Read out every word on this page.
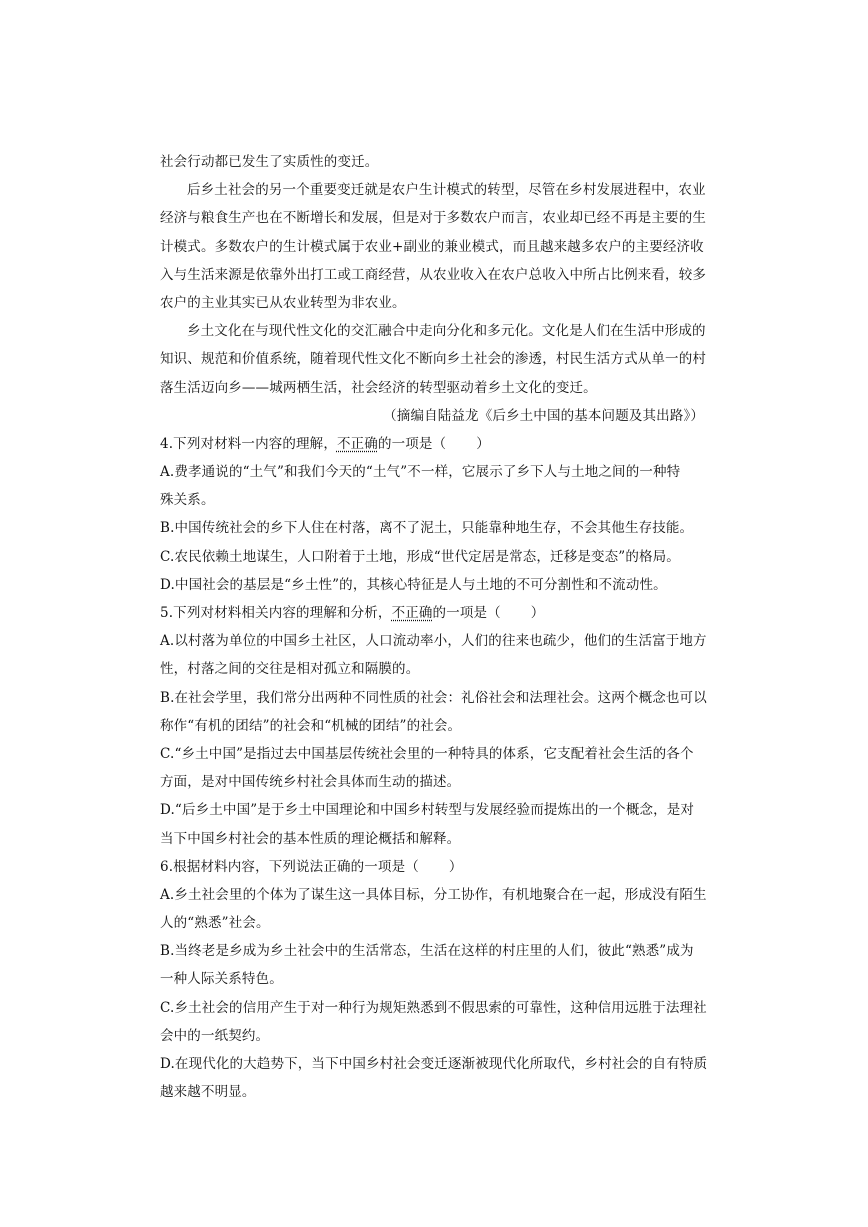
社会行动都已发生了实质性的变迁。
后乡土社会的另一个重要变迁就是农户生计模式的转型，尽管在乡村发展进程中，农业
经济与粮食生产也在不断增长和发展，但是对于多数农户而言，农业却已经不再是主要的生
计模式。多数农户的生计模式属于农业+副业的兼业模式，而且越来越多农户的主要经济收
入与生活来源是依靠外出打工或工商经营，从农业收入在农户总收入中所占比例来看，较多
农户的主业其实已从农业转型为非农业。
乡土文化在与现代性文化的交汇融合中走向分化和多元化。文化是人们在生活中形成的
知识、规范和价值系统，随着现代性文化不断向乡土社会的渗透，村民生活方式从单一的村
落生活迈向乡——城两栖生活，社会经济的转型驱动着乡土文化的变迁。
（摘编自陆益龙《后乡土中国的基本问题及其出路》）
4.下列对材料一内容的理解，不正确的一项是（ ）
A.费孝通说的“土气”和我们今天的“土气”不一样，它展示了乡下人与土地之间的一种特
殊关系。
B.中国传统社会的乡下人住在村落，离不了泥土，只能靠种地生存，不会其他生存技能。
C.农民依赖土地谋生，人口附着于土地，形成“世代定居是常态，迁移是变态”的格局。
D.中国社会的基层是“乡土性”的，其核心特征是人与土地的不可分割性和不流动性。
5.下列对材料相关内容的理解和分析，不正确的一项是（ ）
A.以村落为单位的中国乡土社区，人口流动率小，人们的往来也疏少，他们的生活富于地方
性，村落之间的交往是相对孤立和隔膜的。
B.在社会学里，我们常分出两种不同性质的社会：礼俗社会和法理社会。这两个概念也可以
称作“有机的团结”的社会和“机械的团结”的社会。
C.“乡土中国”是指过去中国基层传统社会里的一种特具的体系，它支配着社会生活的各个
方面，是对中国传统乡村社会具体而生动的描述。
D.“后乡土中国”是于乡土中国理论和中国乡村转型与发展经验而提炼出的一个概念，是对
当下中国乡村社会的基本性质的理论概括和解释。
6.根据材料内容，下列说法正确的一项是（ ）
A.乡土社会里的个体为了谋生这一具体目标，分工协作，有机地聚合在一起，形成没有陌生
人的“熟悉”社会。
B.当终老是乡成为乡土社会中的生活常态，生活在这样的村庄里的人们，彼此“熟悉”成为
一种人际关系特色。
C.乡土社会的信用产生于对一种行为规矩熟悉到不假思索的可靠性，这种信用远胜于法理社
会中的一纸契约。
D.在现代化的大趋势下，当下中国乡村社会变迁逐渐被现代化所取代，乡村社会的自有特质
越来越不明显。
